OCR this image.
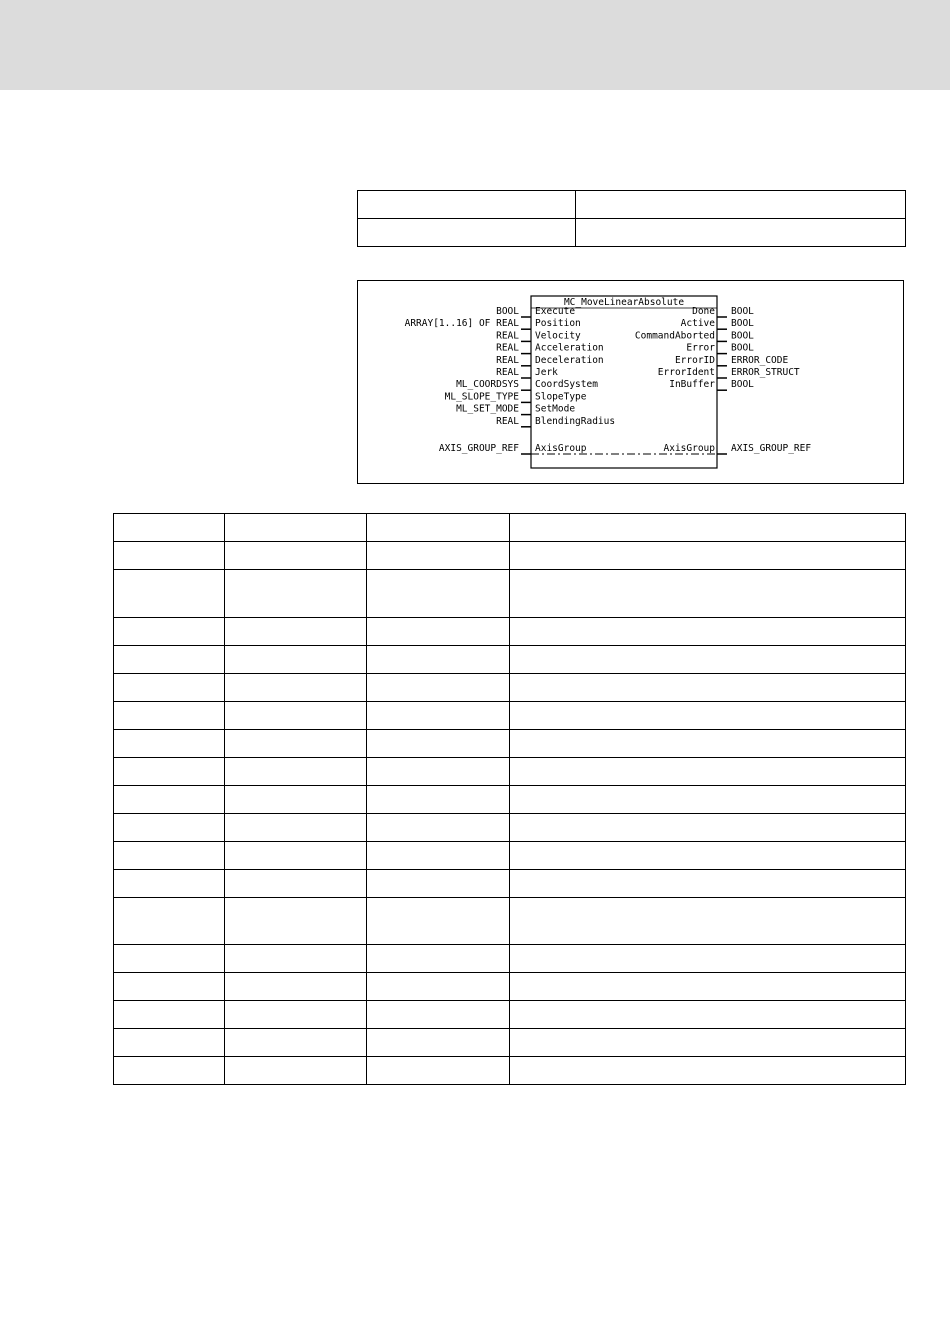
MC_MoveLinearAbsolute
BOOL Execute
ARRAY[1..16] OF REAL Position
REAL Velocity
REAL Acceleration
REAL Deceleration
REAL Jerk
ML_COORDSYS CoordSystem
ML_SLOPE_TYPE SlopeType
ML_SET_MODE SetMode
REAL BlendingRadius
Done BOOL
Active BOOL
CommandAborted BOOL
Error BOOL
ErrorID ERROR_CODE
ErrorIdent ERROR_STRUCT
InBuffer BOOL
AXIS_GROUP_REF AxisGroup	AxisGroup AXIS_GROUP_REF
